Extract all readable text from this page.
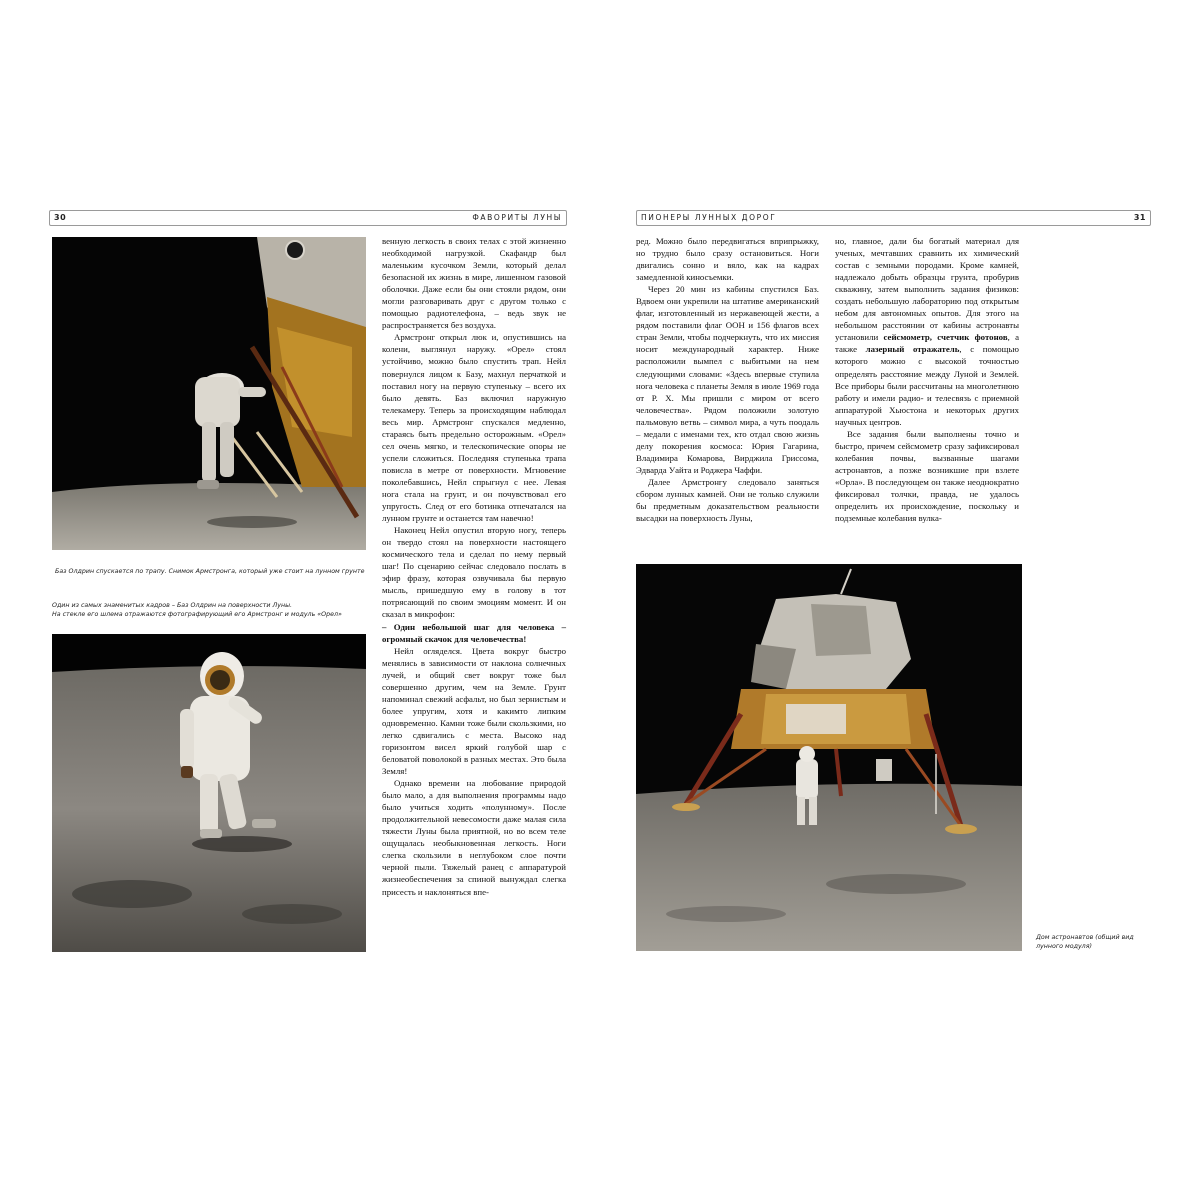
30	ФАВОРИТЫ ЛУНЫ
Баз Олдрин спускается по трапу. Снимок Армстронга, который уже стоит на лунном грунте
Один из самых знаменитых кадров – Баз Олдрин на поверхности Луны.
На стекле его шлема отражаются фотографирующий его Армстронг и модуль «Орел»

венную легкость в своих телах с этой жизненно необходимой нагрузкой. Скафандр был маленьким кусочком Земли, который делал безопасной их жизнь в мире, лишенном газовой оболочки. Даже если бы они стояли рядом, они могли разговаривать друг с другом только с помощью радиотелефона, – ведь звук не распространяется без воздуха.

Армстронг открыл люк и, опустившись на колени, выглянул наружу. «Орел» стоял устойчиво, можно было спустить трап. Нейл повернулся лицом к Базу, махнул перчаткой и поставил ногу на первую ступеньку – всего их было девять. Баз включил наружную телекамеру. Теперь за происходящим наблюдал весь мир. Армстронг спускался медленно, стараясь быть предельно осторожным. «Орел» сел очень мягко, и телескопические опоры не успели сложиться. Последняя ступенька трапа повисла в метре от поверхности. Мгновение поколебавшись, Нейл спрыгнул с нее. Левая нога стала на грунт, и он почувствовал его упругость. След от его ботинка отпечатался на лунном грунте и останется там навечно!

Наконец Нейл опустил вторую ногу, теперь он твердо стоял на поверхности настоящего космического тела и сделал по нему первый шаг! По сценарию сейчас следовало послать в эфир фразу, которая озвучивала бы первую мысль, пришедшую ему в голову в тот потрясающий по своим эмоциям момент. И он сказал в микрофон:

– Один небольшой шаг для человека – огромный скачок для человечества!

Нейл огляделся. Цвета вокруг быстро менялись в зависимости от наклона солнечных лучей, и общий свет вокруг тоже был совершенно другим, чем на Земле. Грунт напоминал свежий асфальт, но был зернистым и более упругим, хотя и какимто липким одновременно. Камни тоже были скользкими, но легко сдвигались с места. Высоко над горизонтом висел яркий голубой шар с беловатой поволокой в разных местах. Это была Земля!

Однако времени на любование природой было мало, а для выполнения программы надо было учиться ходить «полунному». После продолжительной невесомости даже малая сила тяжести Луны была приятной, но во всем теле ощущалась необыкновенная легкость. Ноги слегка скользили в неглубоком слое почти черной пыли. Тяжелый ранец с аппаратурой жизнеобеспечения за спиной вынуждал слегка присесть и наклоняться впе-

ПИОНЕРЫ ЛУННЫХ ДОРОГ	31

ред. Можно было передвигаться вприпрыжку, но трудно было сразу остановиться. Ноги двигались сонно и вяло, как на кадрах замедленной киносъемки.

Через 20 мин из кабины спустился Баз. Вдвоем они укрепили на штативе американский флаг, изготовленный из нержавеющей жести, а рядом поставили флаг ООН и 156 флагов всех стран Земли, чтобы подчеркнуть, что их миссия носит международный характер. Ниже расположили вымпел с выбитыми на нем следующими словами: «Здесь впервые ступила нога человека с планеты Земля в июле 1969 года от Р. Х. Мы пришли с миром от всего человечества». Рядом положили золотую пальмовую ветвь – символ мира, а чуть поодаль – медали с именами тех, кто отдал свою жизнь делу покорения космоса: Юрия Гагарина, Владимира Комарова, Вирджила Гриссома, Эдварда Уайта и Роджера Чаффи.

Далее Армстронгу следовало заняться сбором лунных камней. Они не только служили бы предметным доказательством реальности высадки на поверхность Луны,

но, главное, дали бы богатый материал для ученых, мечтавших сравнить их химический состав с земными породами. Кроме камней, надлежало добыть образцы грунта, пробурив скважину, затем выполнить задания физиков: создать небольшую лабораторию под открытым небом для автономных опытов. Для этого на небольшом расстоянии от кабины астронавты установили сейсмометр, счетчик фотонов, а также лазерный отражатель, с помощью которого можно с высокой точностью определять расстояние между Луной и Землей. Все приборы были рассчитаны на многолетнюю работу и имели радио- и телесвязь с приемной аппаратурой Хьюстона и некоторых других научных центров.

Все задания были выполнены точно и быстро, причем сейсмометр сразу зафиксировал колебания почвы, вызванные шагами астронавтов, а позже возникшие при взлете «Орла». В последующем он также неоднократно фиксировал толчки, правда, не удалось определить их происхождение, поскольку и подземные колебания вулка-

Дом астронавтов (общий вид лунного модуля)
